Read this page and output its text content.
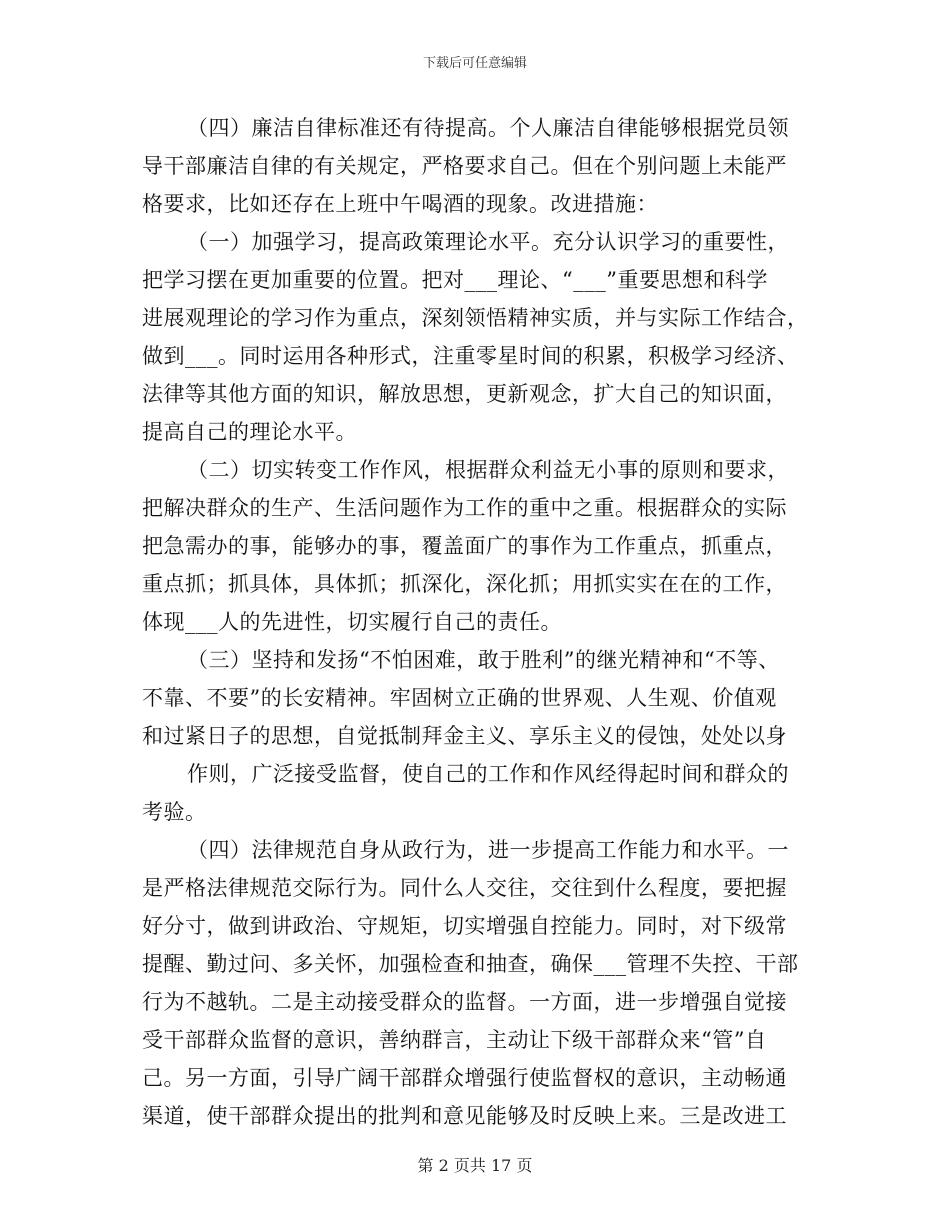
下载后可任意编辑
（四）廉洁自律标准还有待提高。个人廉洁自律能够根据党员领
导干部廉洁自律的有关规定，严格要求自己。但在个别问题上未能严
格要求，比如还存在上班中午喝酒的现象。改进措施：
（一）加强学习，提高政策理论水平。充分认识学习的重要性，
把学习摆在更加重要的位置。把对___理论、“___”重要思想和科学
进展观理论的学习作为重点，深刻领悟精神实质，并与实际工作结合，
做到___。同时运用各种形式，注重零星时间的积累，积极学习经济、
法律等其他方面的知识，解放思想，更新观念，扩大自己的知识面，
提高自己的理论水平。
（二）切实转变工作作风，根据群众利益无小事的原则和要求，
把解决群众的生产、生活问题作为工作的重中之重。根据群众的实际
把急需办的事，能够办的事，覆盖面广的事作为工作重点，抓重点，
重点抓；抓具体，具体抓；抓深化，深化抓；用抓实实在在的工作，
体现___人的先进性，切实履行自己的责任。
（三）坚持和发扬“不怕困难，敢于胜利”的继光精神和“不等、
不靠、不要”的长安精神。牢固树立正确的世界观、人生观、价值观
和过紧日子的思想，自觉抵制拜金主义、享乐主义的侵蚀，处处以身
作则，广泛接受监督，使自己的工作和作风经得起时间和群众的
考验。
（四）法律规范自身从政行为，进一步提高工作能力和水平。一
是严格法律规范交际行为。同什么人交往，交往到什么程度，要把握
好分寸，做到讲政治、守规矩，切实增强自控能力。同时，对下级常
提醒、勤过问、多关怀，加强检查和抽查，确保___管理不失控、干部
行为不越轨。二是主动接受群众的监督。一方面，进一步增强自觉接
受干部群众监督的意识，善纳群言，主动让下级干部群众来“管”自
己。另一方面，引导广阔干部群众增强行使监督权的意识，主动畅通
渠道，使干部群众提出的批判和意见能够及时反映上来。三是改进工
第 2 页共 17 页
